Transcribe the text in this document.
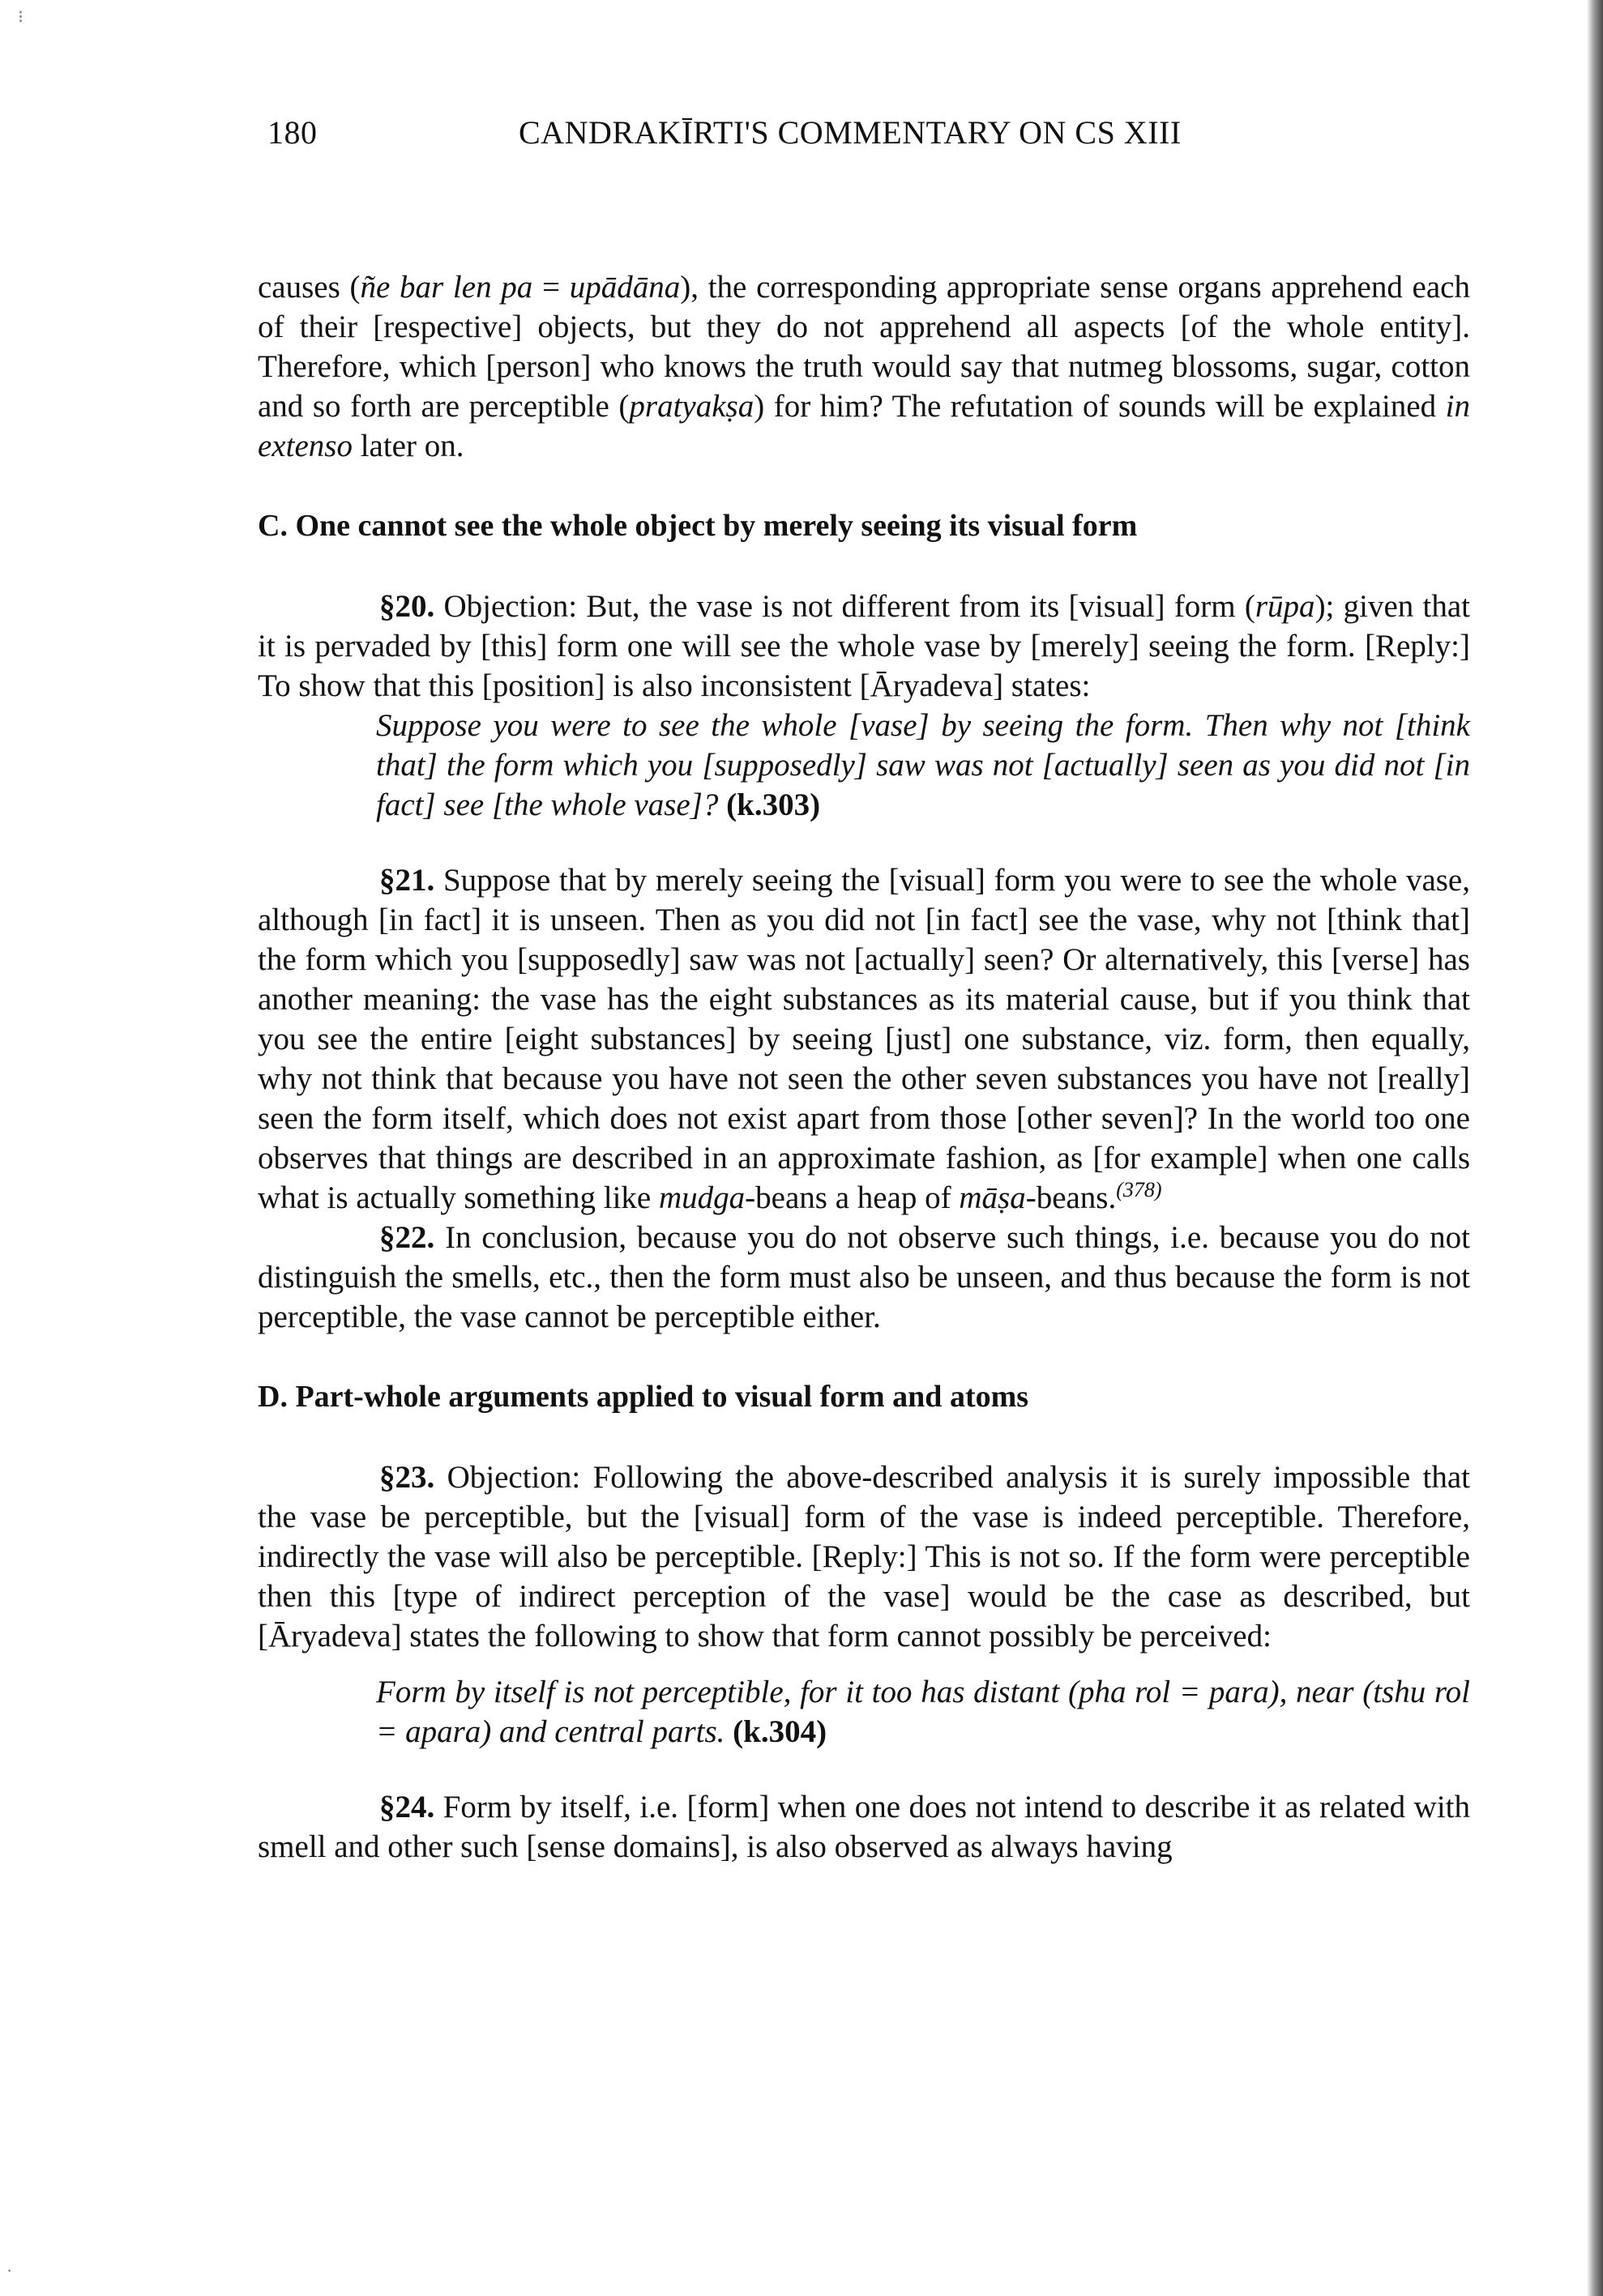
180	CANDRAKĪRTI'S COMMENTARY ON CS XIII

causes (ñe bar len pa = upādāna), the corresponding appropriate sense organs apprehend each of their [respective] objects, but they do not apprehend all aspects [of the whole entity]. Therefore, which [person] who knows the truth would say that nutmeg blossoms, sugar, cotton and so forth are perceptible (pratyakṣa) for him? The refutation of sounds will be explained in extenso later on.

C. One cannot see the whole object by merely seeing its visual form

§20. Objection: But, the vase is not different from its [visual] form (rūpa); given that it is pervaded by [this] form one will see the whole vase by [merely] seeing the form. [Reply:] To show that this [position] is also inconsistent [Āryadeva] states:

Suppose you were to see the whole [vase] by seeing the form. Then why not [think that] the form which you [supposedly] saw was not [actually] seen as you did not [in fact] see [the whole vase]? (k.303)

§21. Suppose that by merely seeing the [visual] form you were to see the whole vase, although [in fact] it is unseen. Then as you did not [in fact] see the vase, why not [think that] the form which you [supposedly] saw was not [actually] seen? Or alternatively, this [verse] has another meaning: the vase has the eight substances as its material cause, but if you think that you see the entire [eight substances] by seeing [just] one substance, viz. form, then equally, why not think that because you have not seen the other seven substances you have not [really] seen the form itself, which does not exist apart from those [other seven]? In the world too one observes that things are described in an approximate fashion, as [for example] when one calls what is actually something like mudga-beans a heap of māṣa-beans.$^{(378)}$

§22. In conclusion, because you do not observe such things, i.e. because you do not distinguish the smells, etc., then the form must also be unseen, and thus because the form is not perceptible, the vase cannot be perceptible either.

D. Part-whole arguments applied to visual form and atoms

§23. Objection: Following the above-described analysis it is surely impossible that the vase be perceptible, but the [visual] form of the vase is indeed perceptible. Therefore, indirectly the vase will also be perceptible. [Reply:] This is not so. If the form were perceptible then this [type of indirect perception of the vase] would be the case as described, but [Āryadeva] states the following to show that form cannot possibly be perceived:

Form by itself is not perceptible, for it too has distant (pha rol = para), near (tshu rol = apara) and central parts. (k.304)

§24. Form by itself, i.e. [form] when one does not intend to describe it as related with smell and other such [sense domains], is also observed as always having

⁝
·
